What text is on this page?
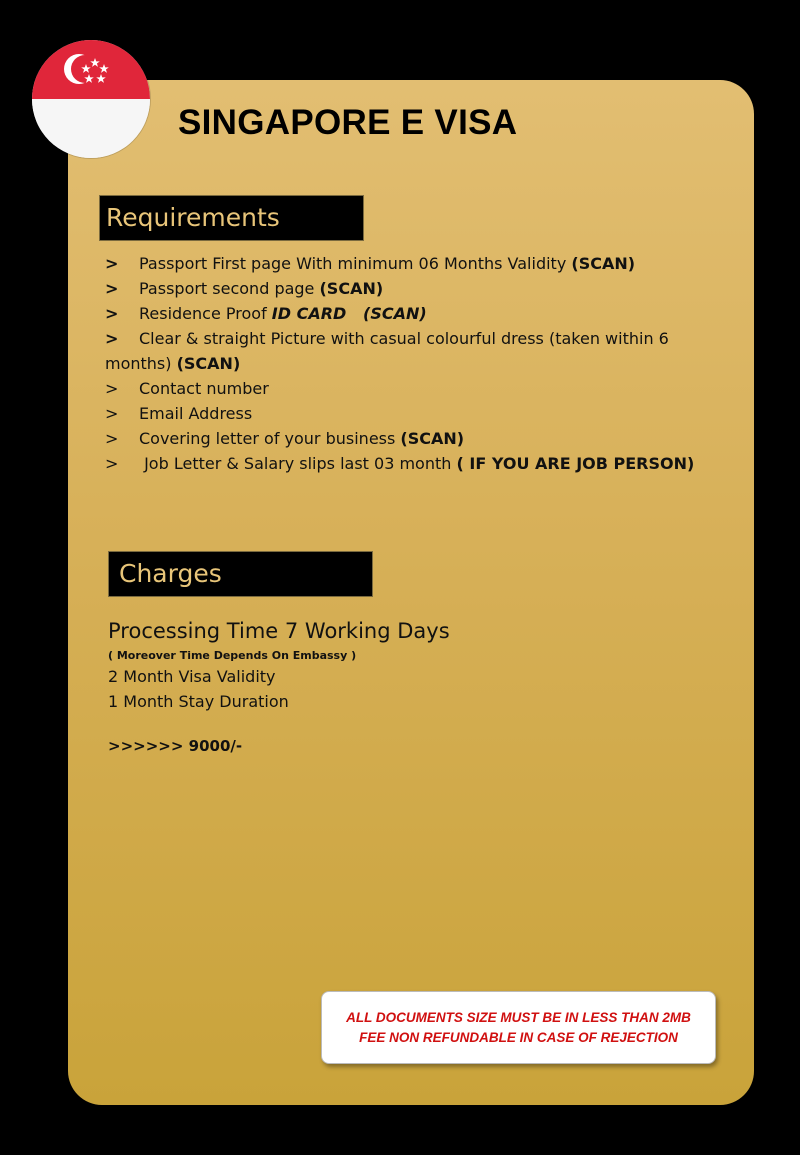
SINGAPORE E VISA
Requirements
> Passport First page With minimum 06 Months Validity (SCAN)
> Passport second page (SCAN)
> Residence Proof ID CARD   (SCAN)
> Clear & straight Picture with casual colourful dress (taken within 6 months) (SCAN)
> Contact number
> Email Address
> Covering letter of your business (SCAN)
> Job Letter & Salary slips last 03 month ( IF YOU ARE JOB PERSON)
Charges
Processing Time 7 Working Days
( Moreover Time Depends On Embassy )
2 Month Visa Validity
1 Month Stay Duration
>>>>>> 9000/-
ALL DOCUMENTS SIZE MUST BE IN LESS THAN 2MB
FEE NON REFUNDABLE IN CASE OF REJECTION
